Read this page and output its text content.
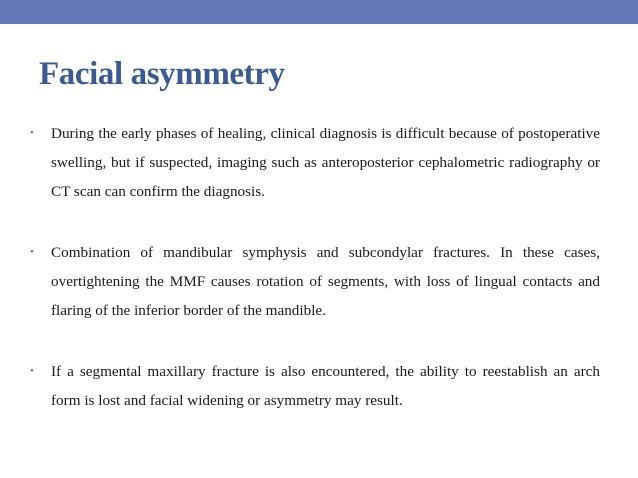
Facial asymmetry
• During the early phases of healing, clinical diagnosis is difficult because of postoperative swelling, but if suspected, imaging such as anteroposterior cephalometric radiography or CT scan can confirm the diagnosis.
• Combination of mandibular symphysis and subcondylar fractures. In these cases, overtightening the MMF causes rotation of segments, with loss of lingual contacts and flaring of the inferior border of the mandible.
• If a segmental maxillary fracture is also encountered, the ability to reestablish an arch form is lost and facial widening or asymmetry may result.
